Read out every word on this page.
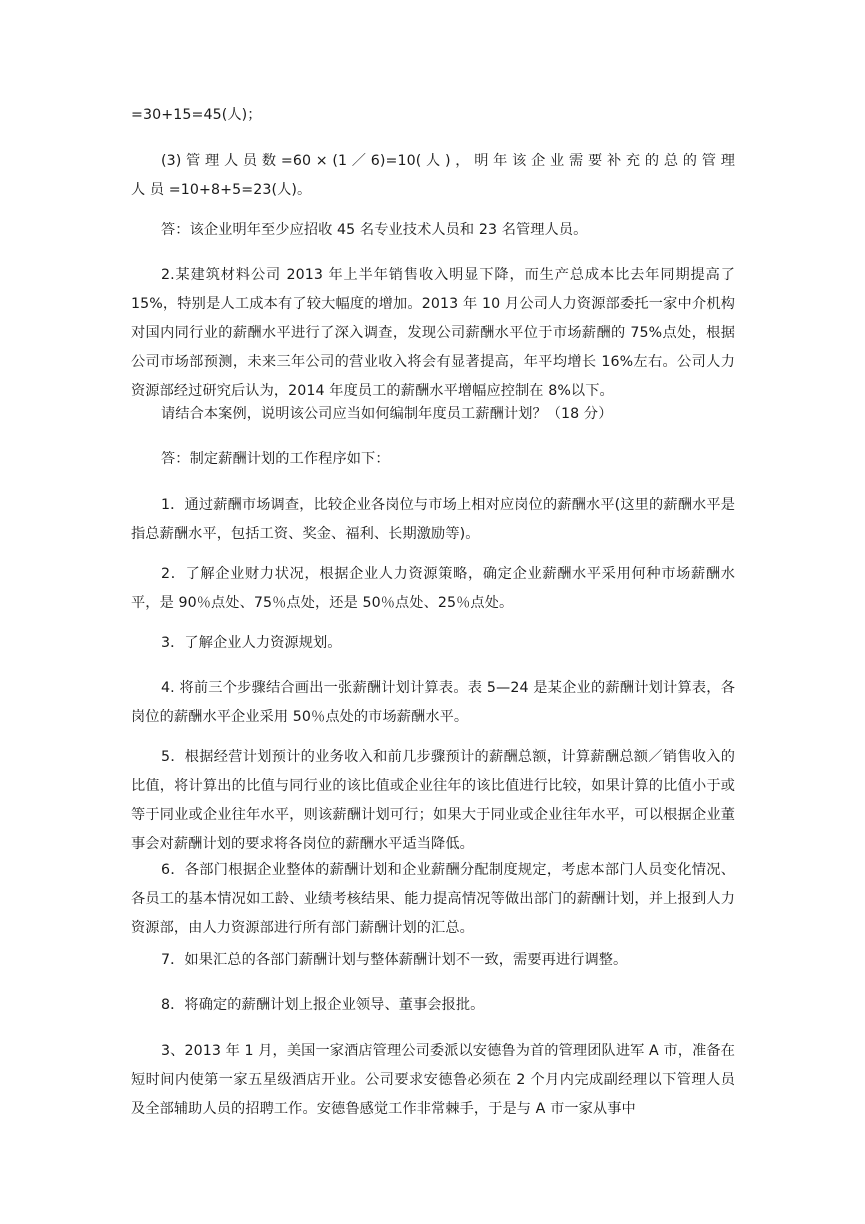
=30+15=45(人)；

(3) 管 理 人 员 数 =60 × (1 ／ 6)=10( 人 ) ， 明 年 该 企 业 需 要 补 充 的 总 的 管 理 人 员 =10+8+5=23(人)。

答：该企业明年至少应招收 45 名专业技术人员和 23 名管理人员。

2.某建筑材料公司 2013 年上半年销售收入明显下降，而生产总成本比去年同期提高了 15%，特别是人工成本有了较大幅度的增加。2013 年 10 月公司人力资源部委托一家中介机构对国内同行业的薪酬水平进行了深入调查，发现公司薪酬水平位于市场薪酬的 75%点处，根据公司市场部预测，未来三年公司的营业收入将会有显著提高，年平均增长 16%左右。公司人力资源部经过研究后认为，2014 年度员工的薪酬水平增幅应控制在 8%以下。

请结合本案例，说明该公司应当如何编制年度员工薪酬计划？（18 分）

答：制定薪酬计划的工作程序如下：

1．通过薪酬市场调查，比较企业各岗位与市场上相对应岗位的薪酬水平(这里的薪酬水平是指总薪酬水平，包括工资、奖金、福利、长期激励等)。

2．了解企业财力状况，根据企业人力资源策略，确定企业薪酬水平采用何种市场薪酬水平，是 90％点处、75％点处，还是 50％点处、25％点处。

3．了解企业人力资源规划。

4. 将前三个步骤结合画出一张薪酬计划计算表。表 5—24 是某企业的薪酬计划计算表，各岗位的薪酬水平企业采用 50％点处的市场薪酬水平。

5．根据经营计划预计的业务收入和前几步骤预计的薪酬总额，计算薪酬总额／销售收入的比值，将计算出的比值与同行业的该比值或企业往年的该比值进行比较，如果计算的比值小于或等于同业或企业往年水平，则该薪酬计划可行；如果大于同业或企业往年水平，可以根据企业董事会对薪酬计划的要求将各岗位的薪酬水平适当降低。

6．各部门根据企业整体的薪酬计划和企业薪酬分配制度规定，考虑本部门人员变化情况、各员工的基本情况如工龄、业绩考核结果、能力提高情况等做出部门的薪酬计划，并上报到人力资源部，由人力资源部进行所有部门薪酬计划的汇总。

7．如果汇总的各部门薪酬计划与整体薪酬计划不一致，需要再进行调整。

8．将确定的薪酬计划上报企业领导、董事会报批。

3、2013 年 1 月，美国一家酒店管理公司委派以安德鲁为首的管理团队进军 A 市，准备在短时间内使第一家五星级酒店开业。公司要求安德鲁必须在 2 个月内完成副经理以下管理人员及全部辅助人员的招聘工作。安德鲁感觉工作非常棘手，于是与 A 市一家从事中
